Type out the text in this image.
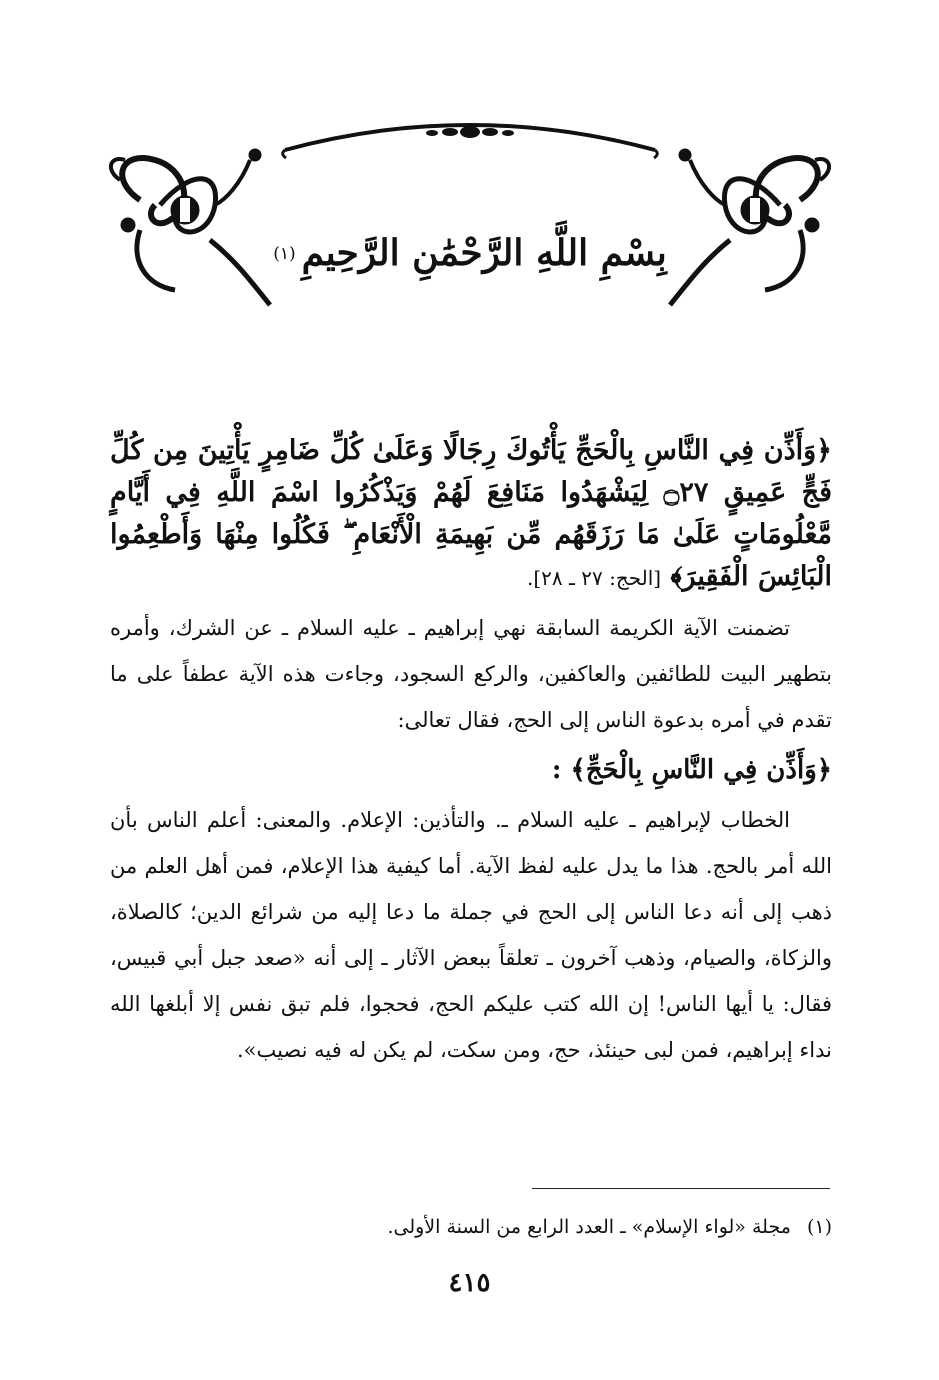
بِسْمِ اللَّهِ الرَّحْمَٰنِ الرَّحِيمِ(١)

﴿وَأَذِّن فِي النَّاسِ بِالْحَجِّ يَأْتُوكَ رِجَالًا وَعَلَىٰ كُلِّ ضَامِرٍ يَأْتِينَ مِن كُلِّ فَجٍّ عَمِيقٍ ۝٢٧ لِيَشْهَدُوا مَنَافِعَ لَهُمْ وَيَذْكُرُوا اسْمَ اللَّهِ فِي أَيَّامٍ مَّعْلُومَاتٍ عَلَىٰ مَا رَزَقَهُم مِّن بَهِيمَةِ الْأَنْعَامِ ۖ فَكُلُوا مِنْهَا وَأَطْعِمُوا الْبَائِسَ الْفَقِيرَ﴾ [الحج: ٢٧ ـ ٢٨].

تضمنت الآية الكريمة السابقة نهي إبراهيم ـ عليه السلام ـ عن الشرك، وأمره بتطهير البيت للطائفين والعاكفين، والركع السجود، وجاءت هذه الآية عطفاً على ما تقدم في أمره بدعوة الناس إلى الحج، فقال تعالى:

﴿وَأَذِّن فِي النَّاسِ بِالْحَجِّ﴾ :

الخطاب لإبراهيم ـ عليه السلام ـ. والتأذين: الإعلام. والمعنى: أعلم الناس بأن الله أمر بالحج. هذا ما يدل عليه لفظ الآية. أما كيفية هذا الإعلام، فمن أهل العلم من ذهب إلى أنه دعا الناس إلى الحج في جملة ما دعا إليه من شرائع الدين؛ كالصلاة، والزكاة، والصيام، وذهب آخرون ـ تعلقاً ببعض الآثار ـ إلى أنه «صعد جبل أبي قبيس، فقال: يا أيها الناس! إن الله كتب عليكم الحج، فحجوا، فلم تبق نفس إلا أبلغها الله نداء إبراهيم، فمن لبى حينئذ، حج، ومن سكت، لم يكن له فيه نصيب».

(١) مجلة «لواء الإسلام» ـ العدد الرابع من السنة الأولى.
٤١٥
